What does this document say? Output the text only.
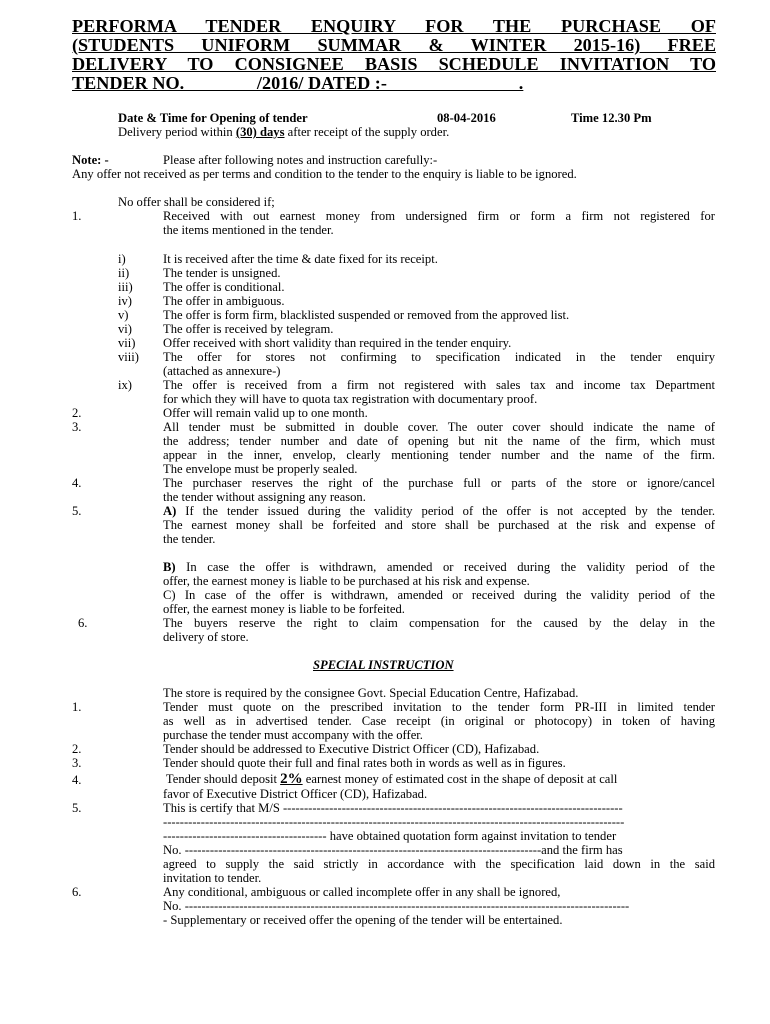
PERFORMA TENDER ENQUIRY FOR THE PURCHASE OF
(STUDENTS UNIFORM SUMMAR & WINTER 2015-16) FREE
DELIVERY TO CONSIGNEE BASIS SCHEDULE INVITATION TO
TENDER NO.                /2016/ DATED :-                             .
Date & Time for Opening of tender	08-04-2016	Time 12.30 Pm
Delivery period within (30) days after receipt of the supply order.
Note: -	Please after following notes and instruction carefully:-
Any offer not received as per terms and condition to the tender to the enquiry is liable to be ignored.
No offer shall be considered if;
1.	Received with out earnest money from undersigned firm or form a firm not registered for
the items mentioned in the tender.
i)	It is received after the time & date fixed for its receipt.
ii)	The tender is unsigned.
iii) The offer is conditional.
iv) The offer in ambiguous.
v)	The offer is form firm, blacklisted suspended or removed from the approved list.
vi) The offer is received by telegram.
vii) Offer received with short validity than required in the tender enquiry.
viii) The offer for stores not confirming to specification indicated in the tender enquiry
(attached as annexure-)
ix) The offer is received from a firm not registered with sales tax and income tax Department
for which they will have to quota tax registration with documentary proof.
2.	Offer will remain valid up to one month.
3.	All tender must be submitted in double cover. The outer cover should indicate the name of
the address; tender number and date of opening but nit the name of the firm, which must
appear in the inner, envelop, clearly mentioning tender number and the name of the firm.
The envelope must be properly sealed.
4.	The purchaser reserves the right of the purchase full or parts of the store or ignore/cancel
the tender without assigning any reason.
5.	A) If the tender issued during the validity period of the offer is not accepted by the tender.
The earnest money shall be forfeited and store shall be purchased at the risk and expense of
the tender.
B) In case the offer is withdrawn, amended or received during the validity period of the
offer, the earnest money is liable to be purchased at his risk and expense.
C) In case of the offer is withdrawn, amended or received during the validity period of the
offer, the earnest money is liable to be forfeited.
6.	The buyers reserve the right to claim compensation for the caused by the delay in the
delivery of store.
SPECIAL INSTRUCTION
The store is required by the consignee Govt. Special Education Centre, Hafizabad.
1.	Tender must quote on the prescribed invitation to the tender form PR-III in limited tender
as well as in advertised tender. Case receipt (in original or photocopy) in token of having
purchase the tender must accompany with the offer.
2.	Tender should be addressed to Executive District Officer (CD), Hafizabad.
3.	Tender should quote their full and final rates both in words as well as in figures.
4.	Tender should deposit 2% earnest money of estimated cost in the shape of deposit at call
favor of Executive District Officer (CD), Hafizabad.
5.	This is certify that M/S ---------------------------------------------------------------------------------
--------------------------------------------------------------------------------------------------------------
--------------------------------------- have obtained quotation form against invitation to tender
No. -------------------------------------------------------------------------------------and the firm has
agreed to supply the said strictly in accordance with the specification laid down in the said
invitation to tender.
6.	Any conditional, ambiguous or called incomplete offer in any shall be ignored,
No. ----------------------------------------------------------------------------------------------------------
- Supplementary or received offer the opening of the tender will be entertained.
